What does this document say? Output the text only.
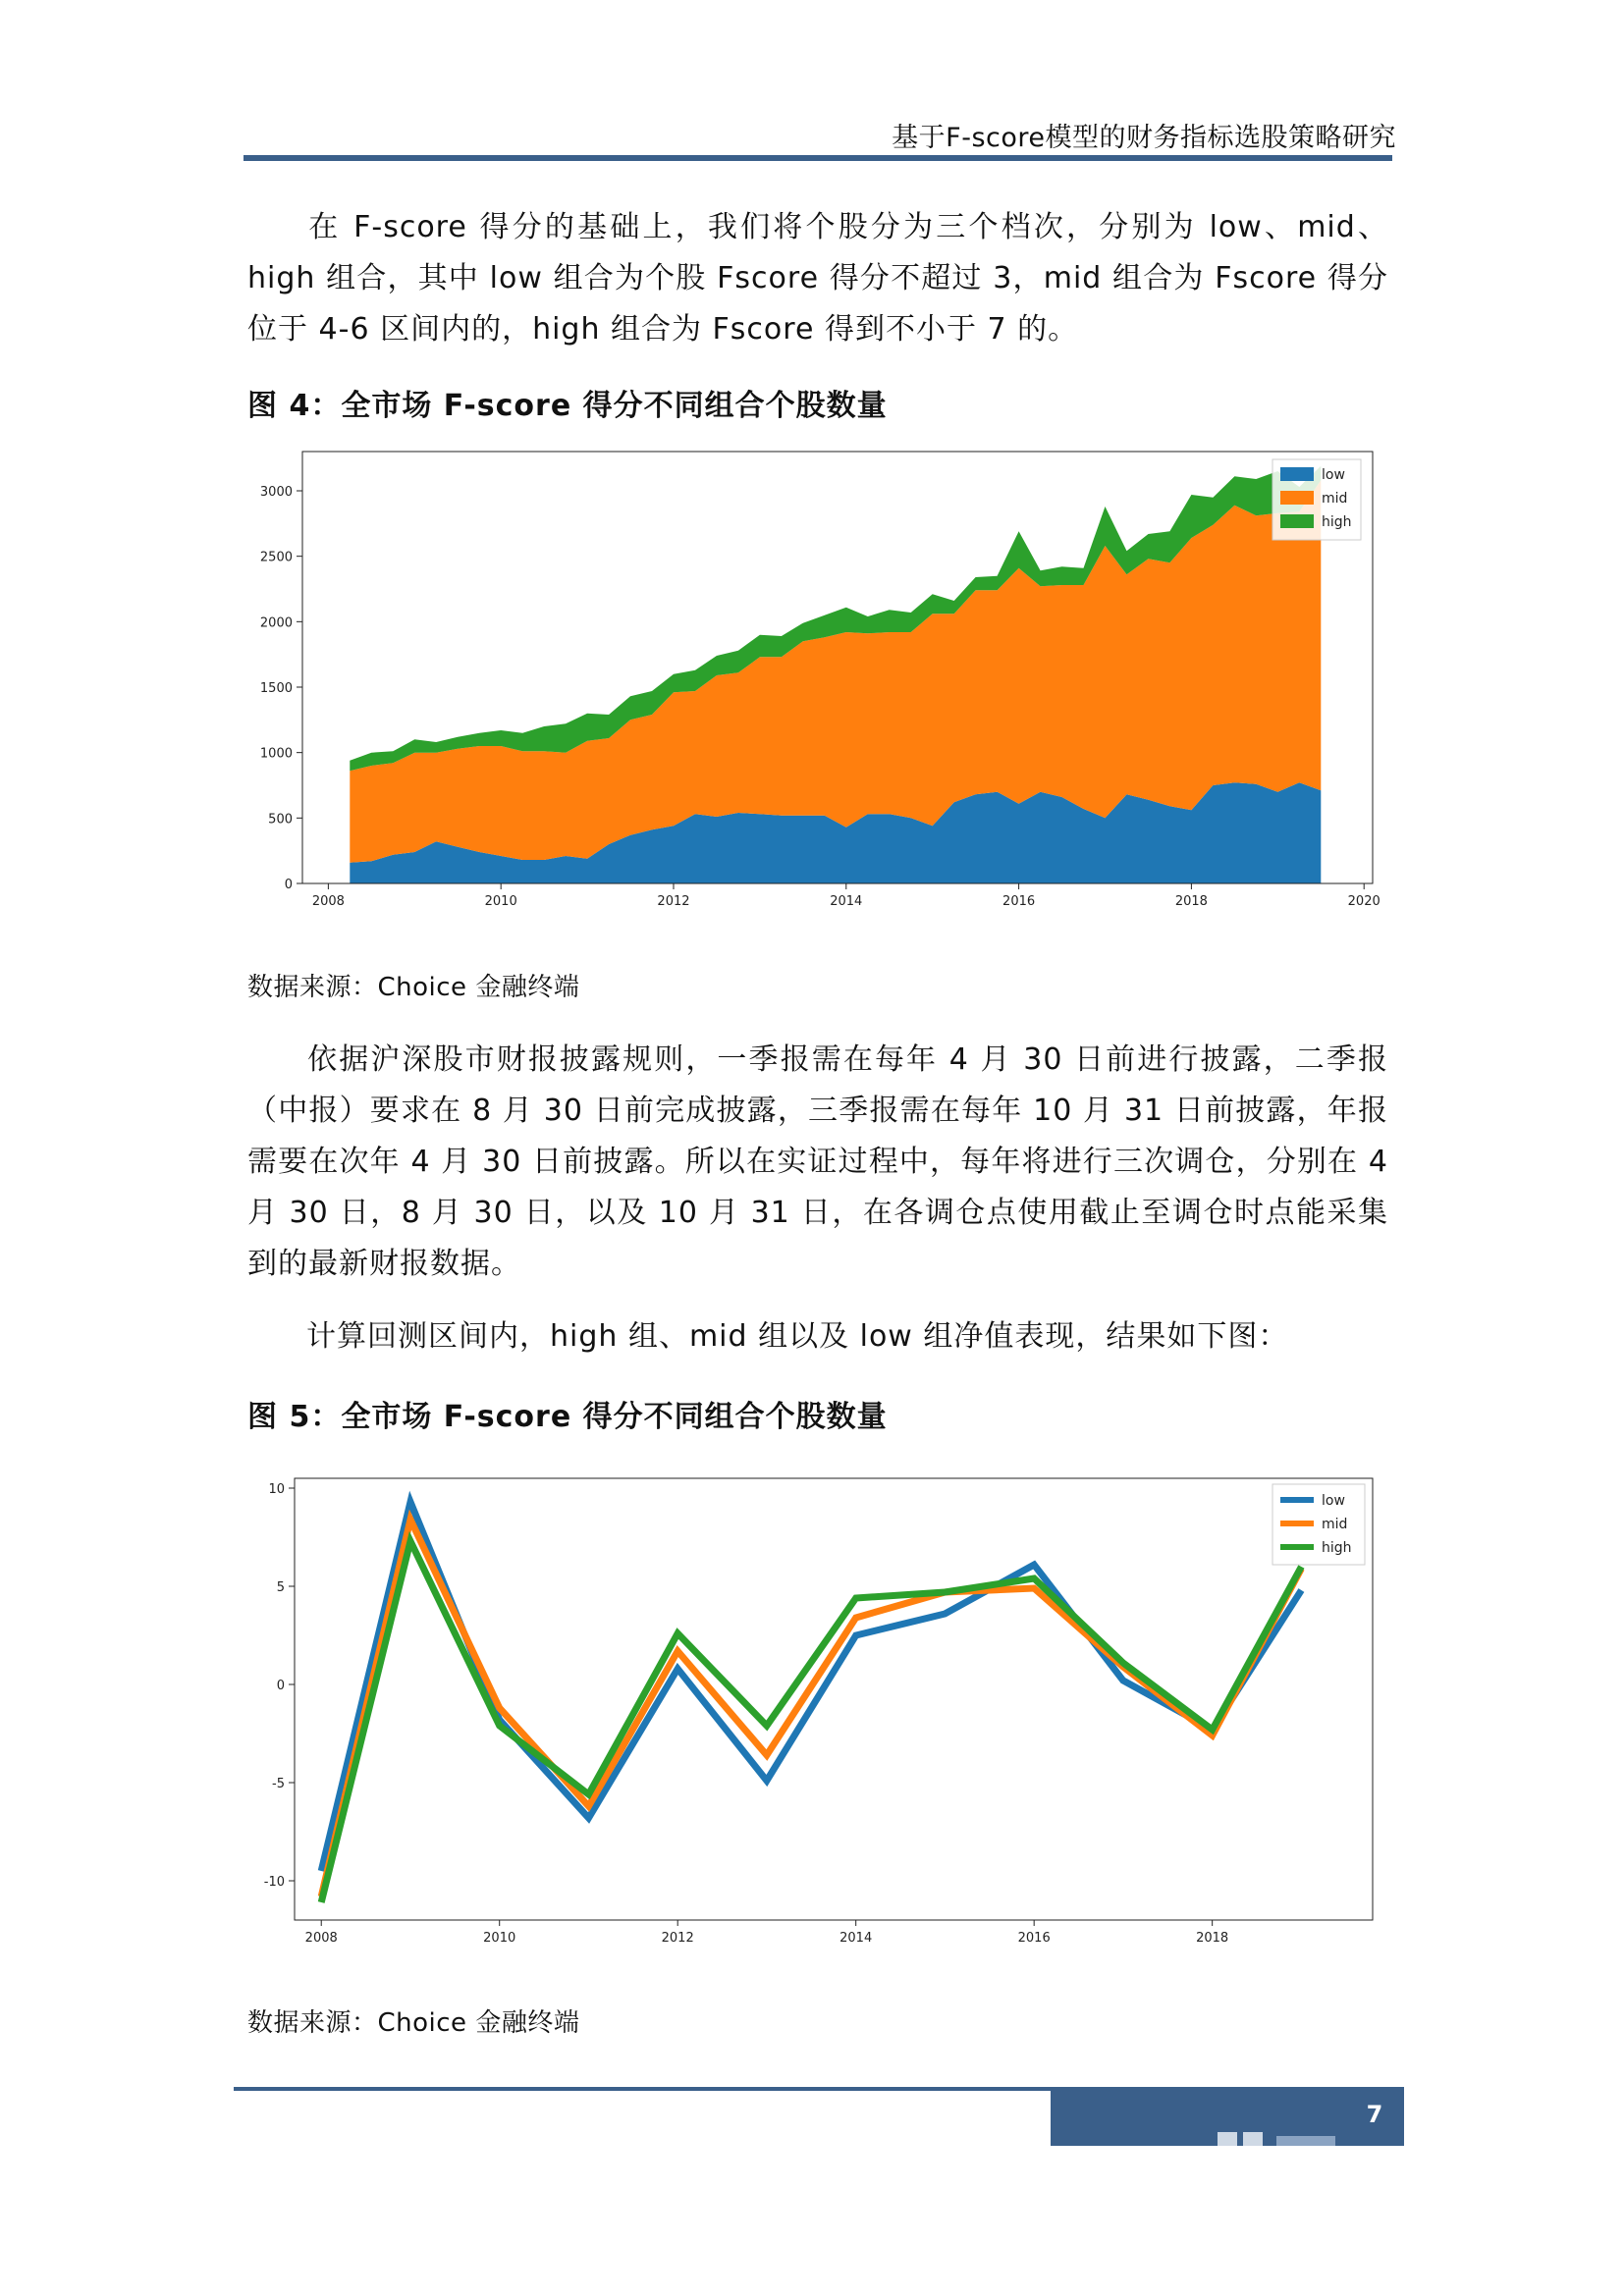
基于F-score模型的财务指标选股策略研究

在 F-score 得分的基础上，我们将个股分为三个档次，分别为 low、mid、high 组合，其中 low 组合为个股 Fscore 得分不超过 3，mid 组合为 Fscore 得分位于 4-6 区间内的，high 组合为 Fscore 得到不小于 7 的。

图 4：全市场 F-score 得分不同组合个股数量
2008	2010	2012	2014	2016	2018	2020
0
500
1000
1500
2000
2500
3000
low
mid
high
数据来源：Choice 金融终端

依据沪深股市财报披露规则，一季报需在每年 4 月 30 日前进行披露，二季报（中报）要求在 8 月 30 日前完成披露，三季报需在每年 10 月 31 日前披露，年报需要在次年 4 月 30 日前披露。所以在实证过程中，每年将进行三次调仓，分别在 4 月 30 日，8 月 30 日，以及 10 月 31 日，在各调仓点使用截止至调仓时点能采集到的最新财报数据。

计算回测区间内，high 组、mid 组以及 low 组净值表现，结果如下图：

图 5：全市场 F-score 得分不同组合个股数量
2008	2010	2012	2014	2016	2018
10
5
0
-5
-10
low
mid
high
数据来源：Choice 金融终端
7
